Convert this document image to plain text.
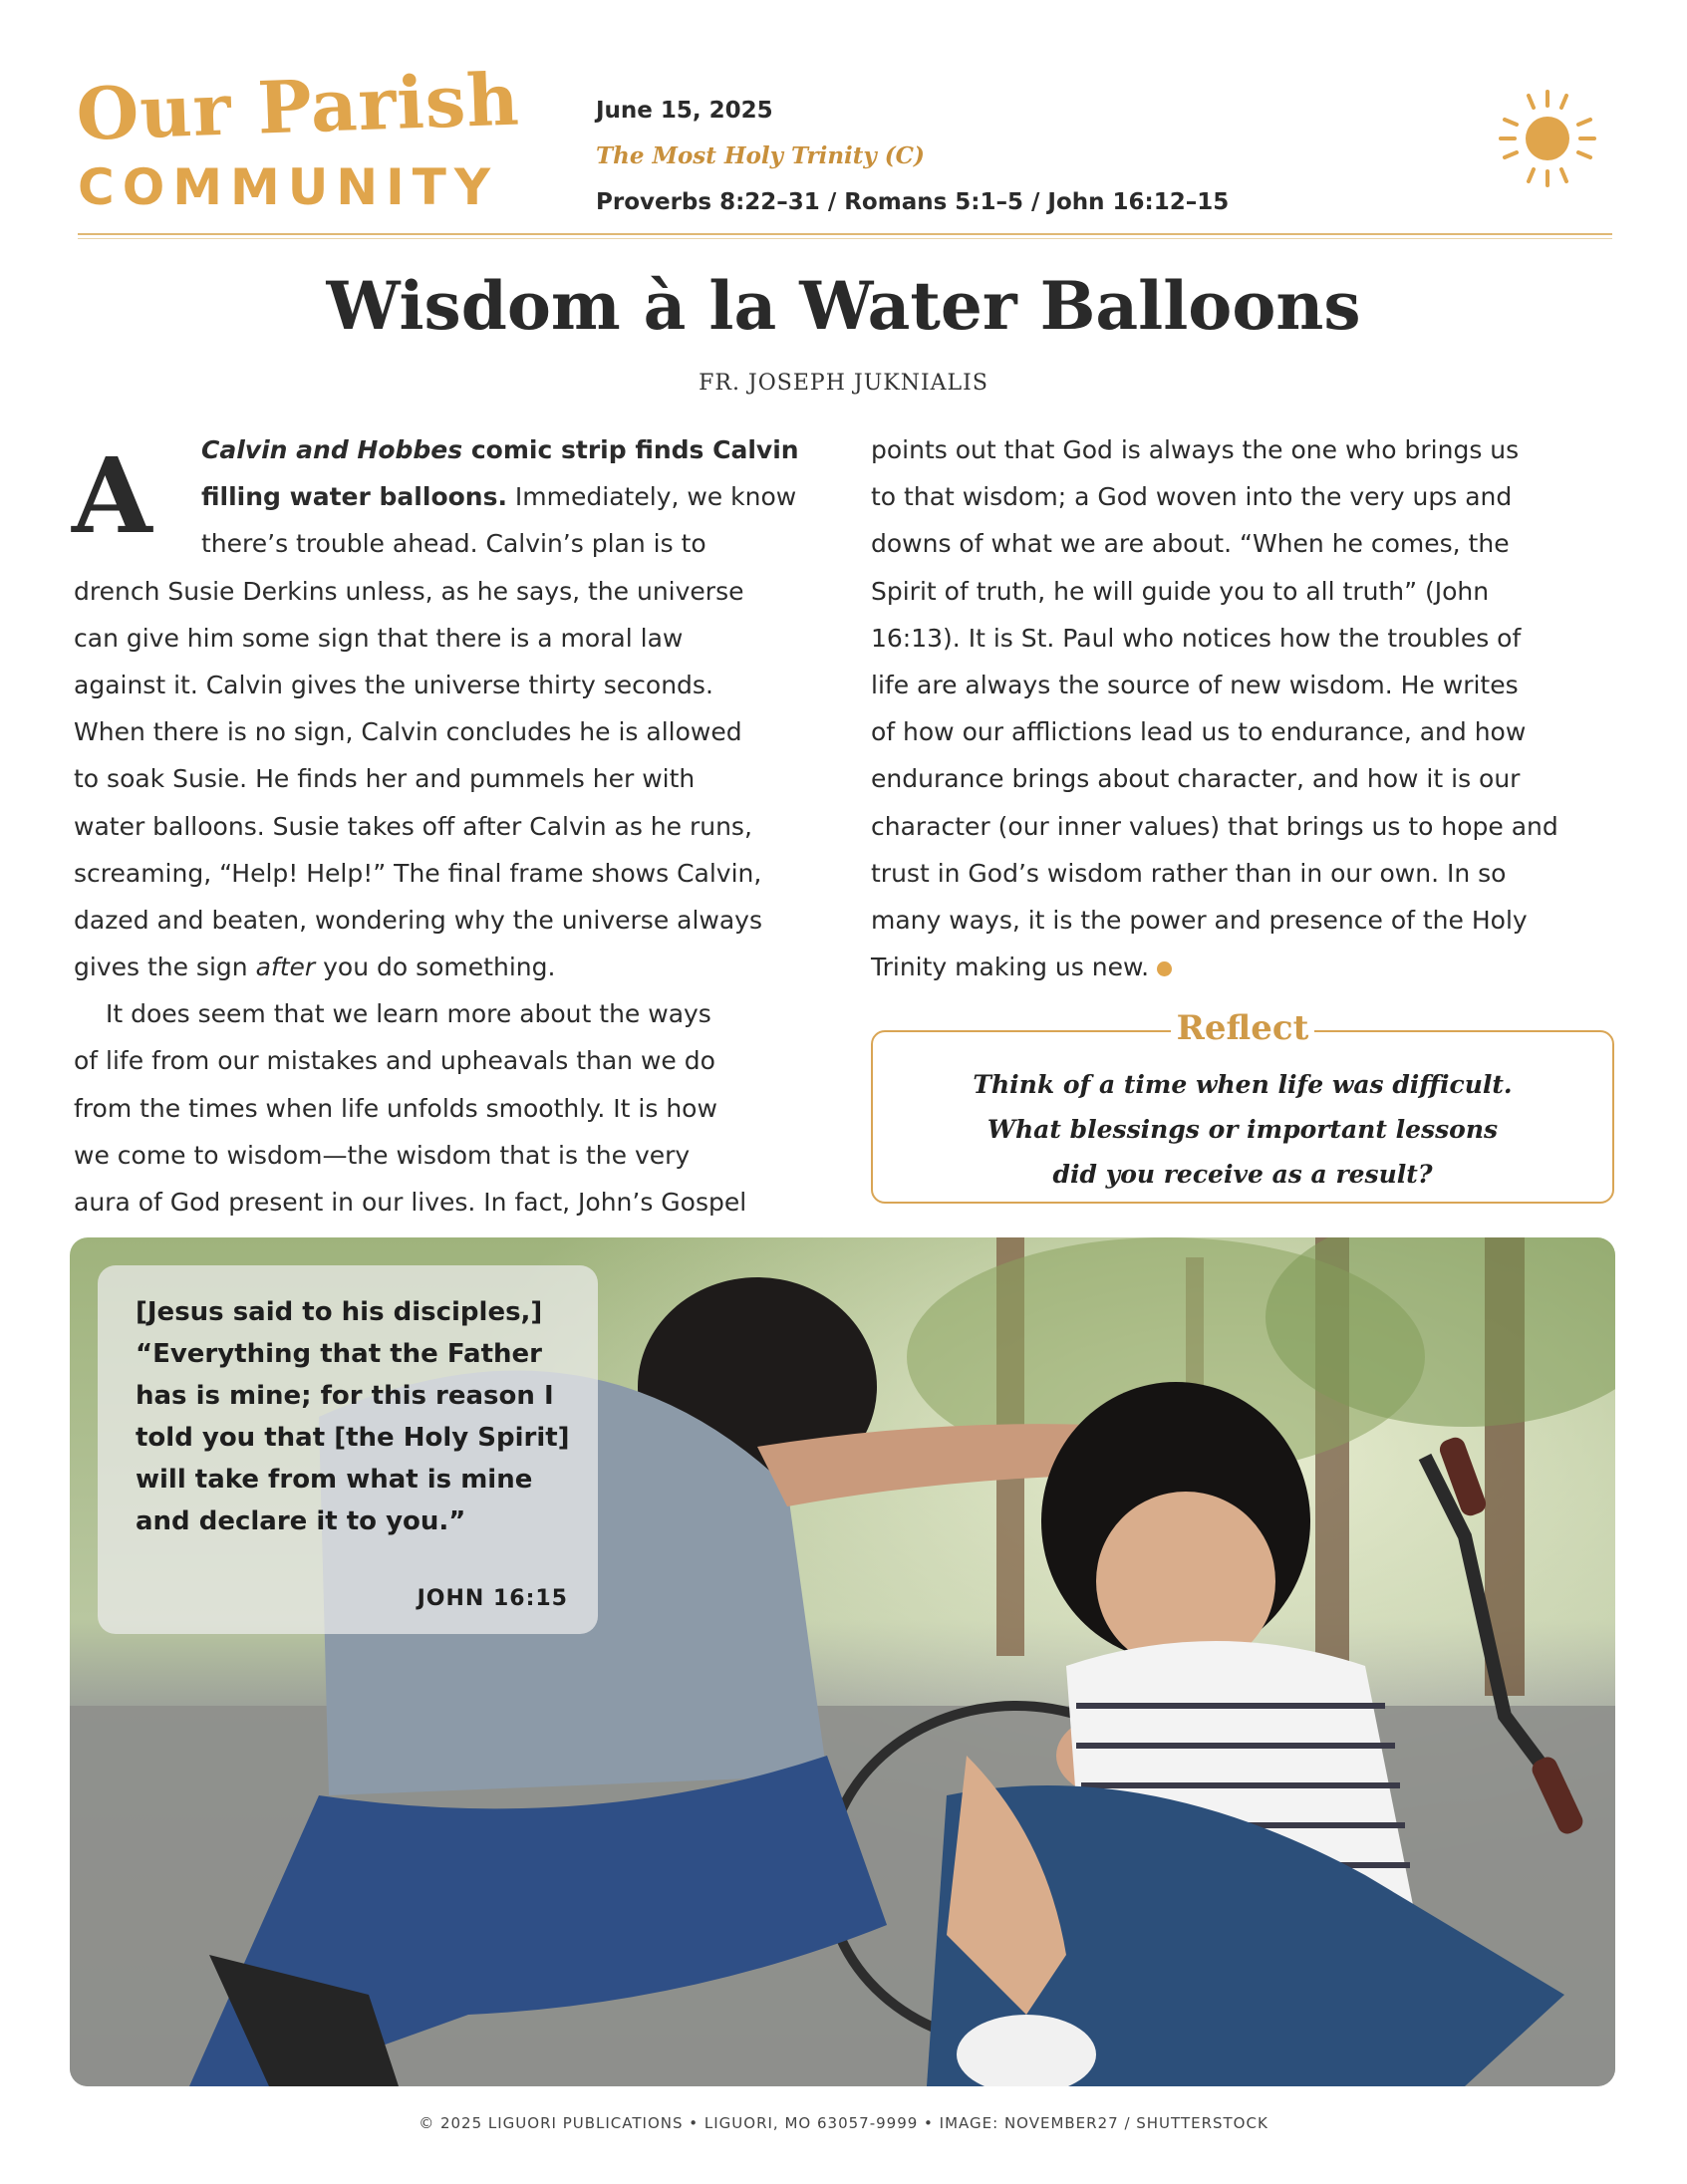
Our Parish
COMMUNITY
June 15, 2025
The Most Holy Trinity (C)
Proverbs 8:22–31 / Romans 5:1–5 / John 16:12–15
Wisdom à la Water Balloons
FR. JOSEPH JUKNIALIS
A	Calvin and Hobbes comic strip finds Calvin
filling water balloons. Immediately, we know
there’s trouble ahead. Calvin’s plan is to
drench Susie Derkins unless, as he says, the universe
can give him some sign that there is a moral law
against it. Calvin gives the universe thirty seconds.
When there is no sign, Calvin concludes he is allowed
to soak Susie. He finds her and pummels her with
water balloons. Susie takes off after Calvin as he runs,
screaming, “Help! Help!” The final frame shows Calvin,
dazed and beaten, wondering why the universe always
gives the sign after you do something.
It does seem that we learn more about the ways
of life from our mistakes and upheavals than we do
from the times when life unfolds smoothly. It is how
we come to wisdom—the wisdom that is the very
aura of God present in our lives. In fact, John’s Gospel
points out that God is always the one who brings us
to that wisdom; a God woven into the very ups and
downs of what we are about. “When he comes, the
Spirit of truth, he will guide you to all truth” (John
16:13). It is St. Paul who notices how the troubles of
life are always the source of new wisdom. He writes
of how our afflictions lead us to endurance, and how
endurance brings about character, and how it is our
character (our inner values) that brings us to hope and
trust in God’s wisdom rather than in our own. In so
many ways, it is the power and presence of the Holy
Trinity making us new.
Reflect
Think of a time when life was difficult.
What blessings or important lessons
did you receive as a result?
[Jesus said to his disciples,]
“Everything that the Father
has is mine; for this reason I
told you that [the Holy Spirit]
will take from what is mine
and declare it to you.”
JOHN 16:15
© 2025 LIGUORI PUBLICATIONS • LIGUORI, MO 63057-9999 • IMAGE: NOVEMBER27 / SHUTTERSTOCK
